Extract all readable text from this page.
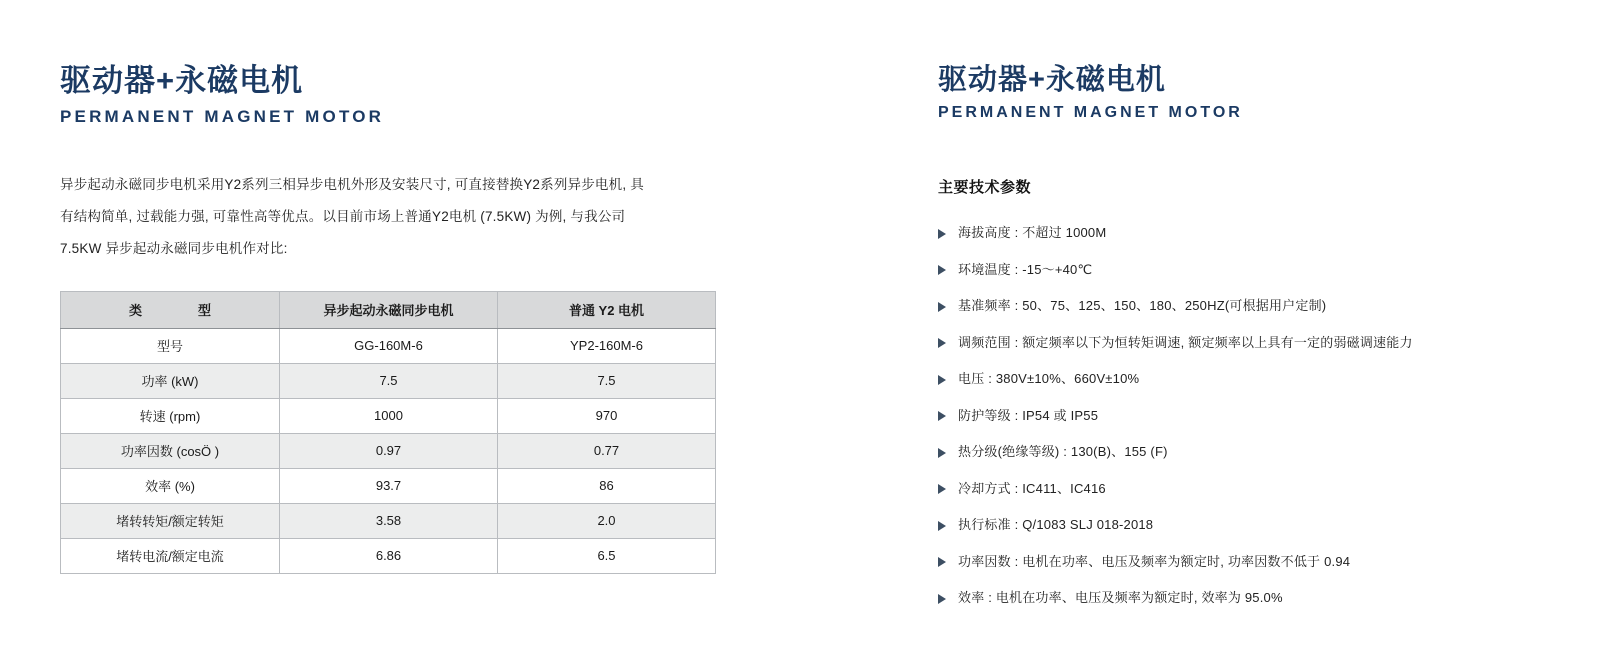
驱动器+永磁电机
PERMANENT MAGNET MOTOR

异步起动永磁同步电机采用Y2系列三相异步电机外形及安装尺寸, 可直接替换Y2系列异步电机, 具有结构简单, 过载能力强, 可靠性高等优点。以目前市场上普通Y2电机 (7.5KW) 为例, 与我公司7.5KW 异步起动永磁同步电机作对比:

类　　型	异步起动永磁同步电机	普通 Y2 电机
型号	GG-160M-6	YP2-160M-6
功率 (kW)	7.5	7.5
转速 (rpm)	1000	970
功率因数 (cosÖ )	0.97	0.77
效率 (%)	93.7	86
堵转转矩/额定转矩	3.58	2.0
堵转电流/额定电流	6.86	6.5
驱动器+永磁电机
PERMANENT MAGNET MOTOR
主要技术参数
海拔高度 : 不超过 1000M
环境温度 : -15〜+40℃
基准频率 : 50、75、125、150、180、250HZ(可根据用户定制)
调频范围 : 额定频率以下为恒转矩调速, 额定频率以上具有一定的弱磁调速能力
电压 : 380V±10%、660V±10%
防护等级 : IP54 或 IP55
热分级(绝缘等级) : 130(B)、155 (F)
冷却方式 : IC411、IC416
执行标准 : Q/1083 SLJ 018-2018
功率因数 : 电机在功率、电压及频率为额定时, 功率因数不低于 0.94
效率 : 电机在功率、电压及频率为额定时, 效率为 95.0%
